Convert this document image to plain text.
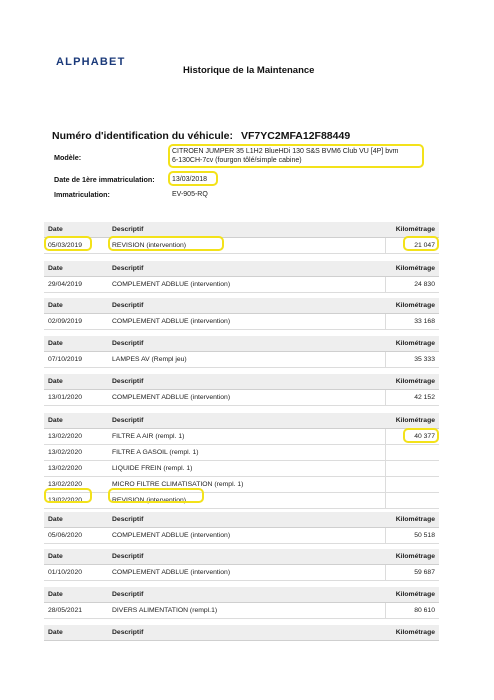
ALPHABET
Historique de la Maintenance
Numéro d'identification du véhicule: VF7YC2MFA12F88449
Modèle:
CITROEN JUMPER 35 L1H2 BlueHDi 130 S&S BVM6 Club VU [4P] bvm
6-130CH-7cv (fourgon tôlé/simple cabine)
Date de 1ère immatriculation: 13/03/2018
Immatriculation:	EV-905-RQ
Date	Descriptif	Kilométrage
05/03/2019	REVISION (intervention)	21 047
Date	Descriptif	Kilométrage
29/04/2019	COMPLEMENT ADBLUE (intervention)	24 830
Date	Descriptif	Kilométrage
02/09/2019	COMPLEMENT ADBLUE (intervention)	33 168
Date	Descriptif	Kilométrage
07/10/2019	LAMPES AV (Rempl jeu)	35 333
Date	Descriptif	Kilométrage
13/01/2020	COMPLEMENT ADBLUE (intervention)	42 152
Date	Descriptif	Kilométrage
13/02/2020	FILTRE A AIR (rempl. 1)	40 377
13/02/2020	FILTRE A GASOIL (rempl. 1)
13/02/2020	LIQUIDE FREIN (rempl. 1)
13/02/2020	MICRO FILTRE CLIMATISATION (rempl. 1)
13/02/2020	REVISION (intervention)
Date	Descriptif	Kilométrage
05/06/2020	COMPLEMENT ADBLUE (intervention)	50 518
Date	Descriptif	Kilométrage
01/10/2020	COMPLEMENT ADBLUE (intervention)	59 687
Date	Descriptif	Kilométrage
28/05/2021	DIVERS ALIMENTATION (rempl.1)	80 610
Date	Descriptif	Kilométrage
